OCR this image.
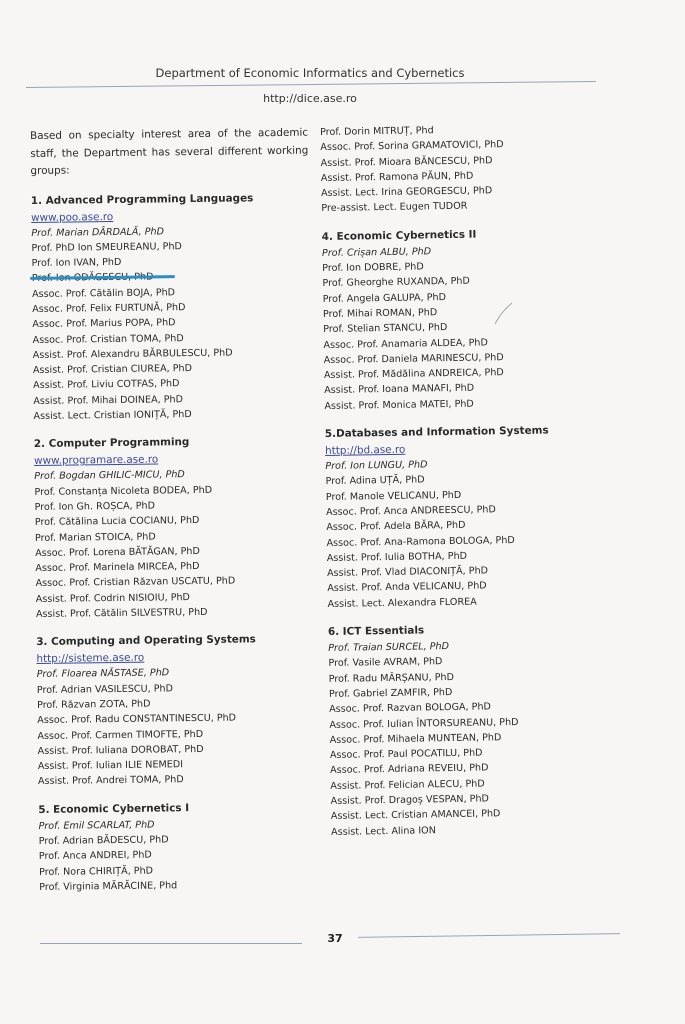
Department of Economic Informatics and Cybernetics
http://dice.ase.ro
Based on specialty interest area of the academic staff, the Department has several different working groups:
1. Advanced Programming Languages
www.poo.ase.ro
Prof. Marian DÂRDALĂ, PhD
Prof. PhD Ion SMEUREANU, PhD
Prof. Ion IVAN, PhD
Assoc. Prof. Cătălin BOJA, PhD
Assoc. Prof. Felix FURTUNĂ, PhD
Assoc. Prof. Marius POPA, PhD
Assoc. Prof. Cristian TOMA, PhD
Assist. Prof. Alexandru BĂRBULESCU, PhD
Assist. Prof. Cristian CIUREA, PhD
Assist. Prof. Liviu COTFAS, PhD
Assist. Prof. Mihai DOINEA, PhD
Assist. Lect. Cristian IONIȚĂ, PhD
2. Computer Programming
www.programare.ase.ro
Prof. Bogdan GHILIC-MICU, PhD
Prof. Constanța Nicoleta BODEA, PhD
Prof. Ion Gh. ROȘCA, PhD
Prof. Cătălina Lucia COCIANU, PhD
Prof. Marian STOICA, PhD
Assoc. Prof. Lorena BĂTĂGAN, PhD
Assoc. Prof. Marinela MIRCEA, PhD
Assoc. Prof. Cristian Răzvan USCATU, PhD
Assist. Prof. Codrin NISIOIU, PhD
Assist. Prof. Cătălin SILVESTRU, PhD
3. Computing and Operating Systems
http://sisteme.ase.ro
Prof. Floarea NĂSTASE, PhD
Prof. Adrian VASILESCU, PhD
Prof. Răzvan ZOTA, PhD
Assoc. Prof. Radu CONSTANTINESCU, PhD
Assoc. Prof. Carmen TIMOFTE, PhD
Assist. Prof. Iuliana DOROBAT, PhD
Assist. Prof. Iulian ILIE NEMEDI
Assist. Prof. Andrei TOMA, PhD
5. Economic Cybernetics I
Prof. Emil SCARLAT, PhD
Prof. Adrian BĂDESCU, PhD
Prof. Anca ANDREI, PhD
Prof. Nora CHIRIȚĂ, PhD
Prof. Virginia MĂRĂCINE, Phd
Prof. Dorin MITRUȚ, Phd
Assoc. Prof. Sorina GRAMATOVICI, PhD
Assist. Prof. Mioara BĂNCESCU, PhD
Assist. Prof. Ramona PĂUN, PhD
Assist. Lect. Irina GEORGESCU, PhD
Pre-assist. Lect. Eugen TUDOR
4. Economic Cybernetics II
Prof. Crișan ALBU, PhD
Prof. Ion DOBRE, PhD
Prof. Gheorghe RUXANDA, PhD
Prof. Angela GALUPA, PhD
Prof. Mihai ROMAN, PhD
Prof. Stelian STANCU, PhD
Assoc. Prof. Anamaria ALDEA, PhD
Assoc. Prof. Daniela MARINESCU, PhD
Assist. Prof. Mădălina ANDREICA, PhD
Assist. Prof. Ioana MANAFI, PhD
Assist. Prof. Monica MATEI, PhD
5.Databases and Information Systems
http://bd.ase.ro
Prof. Ion LUNGU, PhD
Prof. Adina UȚĂ, PhD
Prof. Manole VELICANU, PhD
Assoc. Prof. Anca ANDREESCU, PhD
Assoc. Prof. Adela BĂRA, PhD
Assoc. Prof. Ana-Ramona BOLOGA, PhD
Assist. Prof. Iulia BOTHA, PhD
Assist. Prof. Vlad DIACONIȚĂ, PhD
Assist. Prof. Anda VELICANU, PhD
Assist. Lect. Alexandra FLOREA
6. ICT Essentials
Prof. Traian SURCEL, PhD
Prof. Vasile AVRAM, PhD
Prof. Radu MÂRȘANU, PhD
Prof. Gabriel ZAMFIR, PhD
Assoc. Prof. Razvan BOLOGA, PhD
Assoc. Prof. Iulian ÎNTORSUREANU, PhD
Assoc. Prof. Mihaela MUNTEAN, PhD
Assoc. Prof. Paul POCATILU, PhD
Assoc. Prof. Adriana REVEIU, PhD
Assist. Prof. Felician ALECU, PhD
Assist. Prof. Dragoș VESPAN, PhD
Assist. Lect. Cristian AMANCEI, PhD
Assist. Lect. Alina ION
37
